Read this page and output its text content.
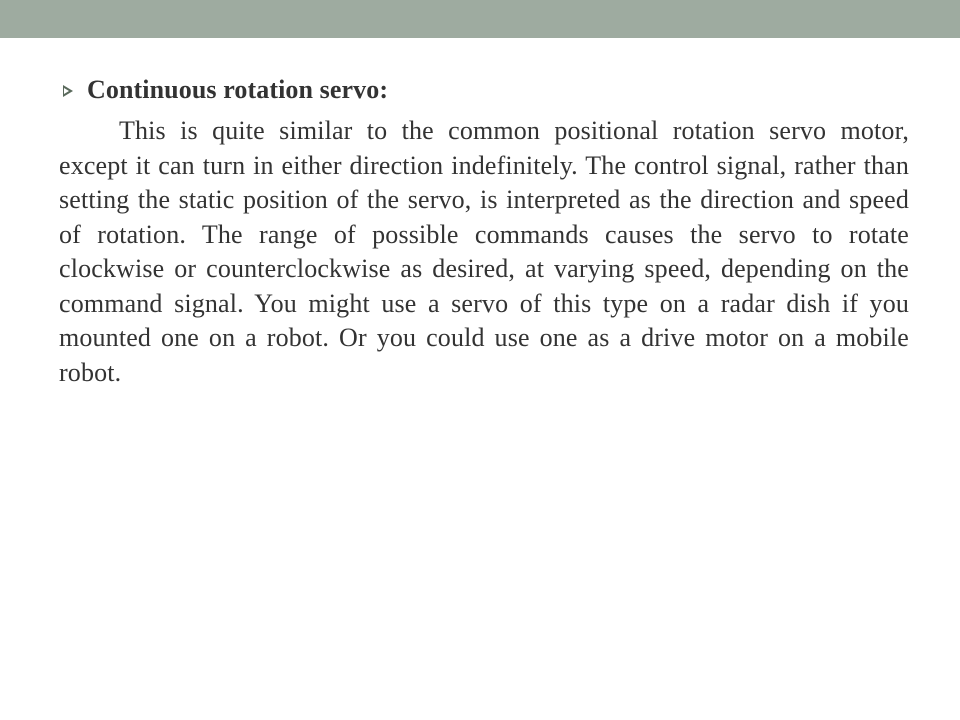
Continuous rotation servo:

This is quite similar to the common positional rotation servo motor, except it can turn in either direction indefinitely. The control signal, rather than setting the static position of the servo, is interpreted as the direction and speed of rotation. The range of possible commands causes the servo to rotate clockwise or counterclockwise as desired, at varying speed, depending on the command signal. You might use a servo of this type on a radar dish if you mounted one on a robot. Or you could use one as a drive motor on a mobile robot.
